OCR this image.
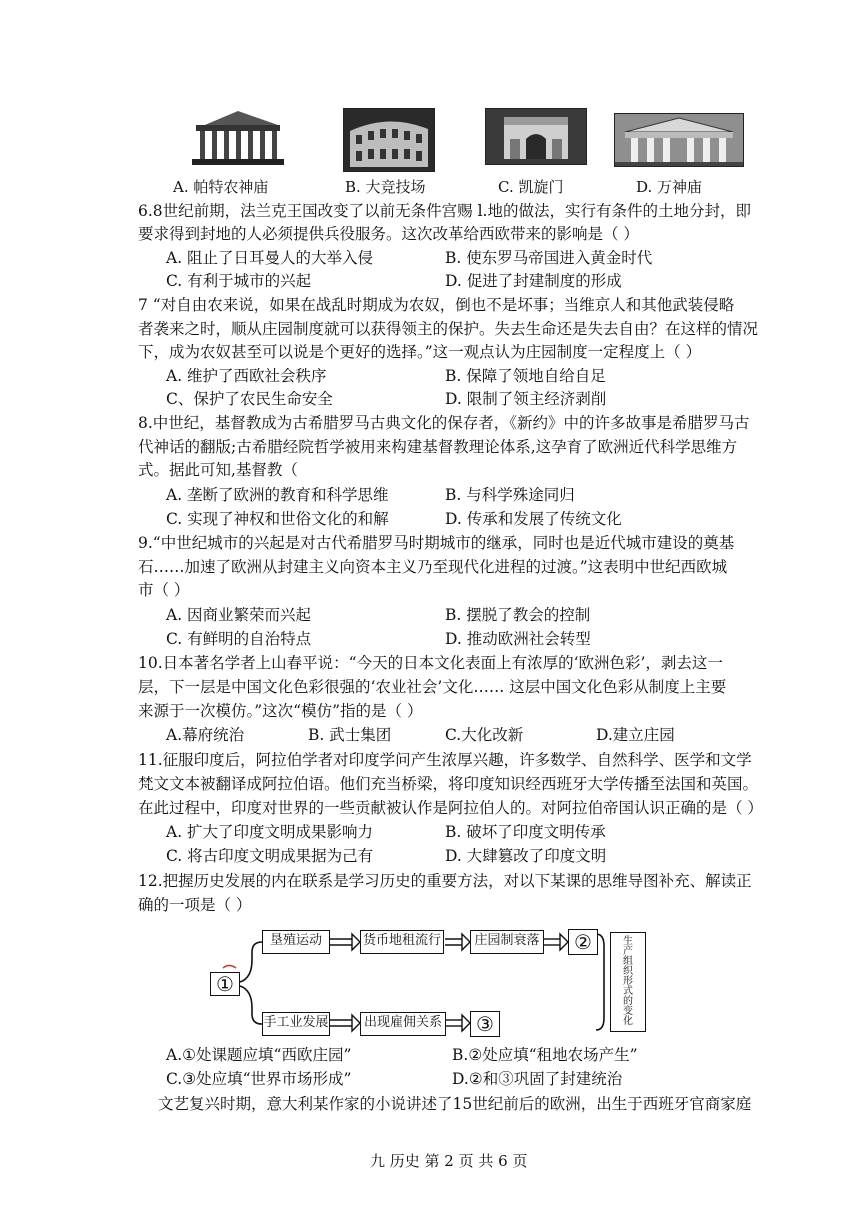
A. 帕特农神庙	B. 大竞技场	C. 凯旋门	D. 万神庙
6.8世纪前期，法兰克王国改变了以前无条件宫赐 l.地的做法，实行有条件的土地分封，即
要求得到封地的人必须提供兵役服务。这次改革给西欧带来的影响是（ ）
A. 阻止了日耳曼人的大举入侵	B. 使东罗马帝国进入黄金时代
C. 有利于城市的兴起	D. 促进了封建制度的形成
7 “对自由农来说，如果在战乱时期成为农奴，倒也不是坏事；当维京人和其他武装侵略
者袭来之时，顺从庄园制度就可以获得领主的保护。失去生命还是失去自由？在这样的情况
下，成为农奴甚至可以说是个更好的选择。”这一观点认为庄园制度一定程度上（ ）
A. 维护了西欧社会秩序	B. 保障了领地自给自足
C、保护了农民生命安全	D. 限制了领主经济剥削
8.中世纪，基督教成为古希腊罗马古典文化的保存者，《新约》中的许多故事是希腊罗马古
代神话的翻版;古希腊经院哲学被用来构建基督教理论体系,这孕育了欧洲近代科学思维方
式。据此可知,基督教（
A. 垄断了欧洲的教育和科学思维	B. 与科学殊途同归
C. 实现了神权和世俗文化的和解	D. 传承和发展了传统文化
9.“中世纪城市的兴起是对古代希腊罗马时期城市的继承，同时也是近代城市建设的奠基
石……加速了欧洲从封建主义向资本主义乃至现代化进程的过渡。”这表明中世纪西欧城
市（ ）
A. 因商业繁荣而兴起	B. 摆脱了教会的控制
C. 有鲜明的自治特点	D. 推动欧洲社会转型
10.日本著名学者上山春平说：“今天的日本文化表面上有浓厚的‘欧洲色彩’，剥去这一
层，下一层是中国文化色彩很强的‘农业社会’文化…… 这层中国文化色彩从制度上主要
来源于一次模仿。”这次“模仿”指的是（ ）
A.幕府统治	B. 武士集团	C.大化改新	D.建立庄园
11.征服印度后，阿拉伯学者对印度学问产生浓厚兴趣，许多数学、自然科学、医学和文学
梵文文本被翻译成阿拉伯语。他们充当桥梁，将印度知识经西班牙大学传播至法国和英国。
在此过程中，印度对世界的一些贡献被认作是阿拉伯人的。对阿拉伯帝国认识正确的是（ ）
A. 扩大了印度文明成果影响力	B. 破坏了印度文明传承
C. 将古印度文明成果据为己有	D. 大肆篡改了印度文明
12.把握历史发展的内在联系是学习历史的重要方法，对以下某课的思维导图补充、解读正
确的一项是（ ）
①
垦殖运动	货币地租流行	庄园制衰落	②
手工业发展	出现雇佣关系	③
生
产
组
织
形
式
的
变
化
A.①处课题应填“西欧庄园”	B.②处应填“租地农场产生”
C.③处应填“世界市场形成”	D.②和③巩固了封建统治
文艺复兴时期，意大利某作家的小说讲述了15世纪前后的欧洲，出生于西班牙官商家庭
九 历史 第 2 页 共 6 页
